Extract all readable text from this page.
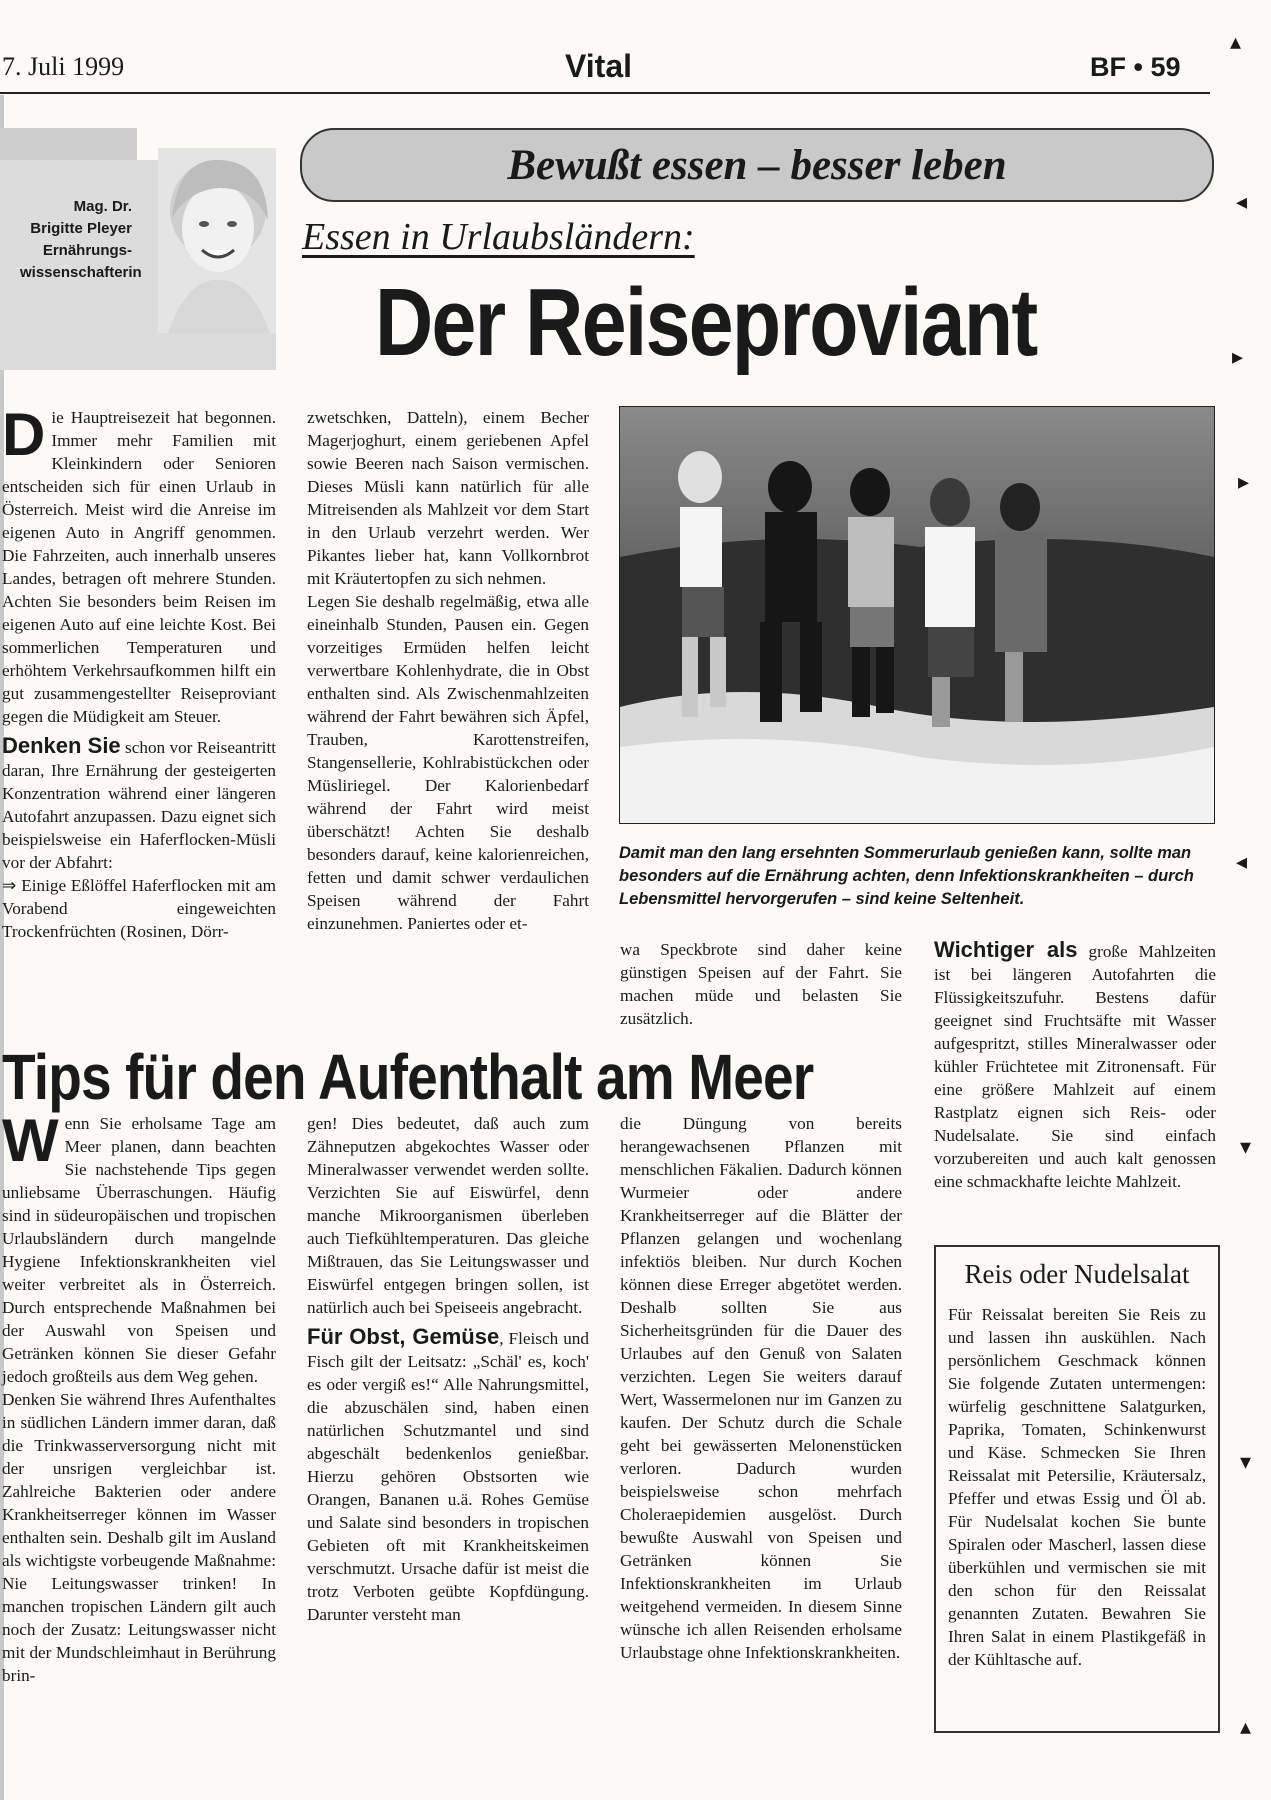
7. Juli 1999	Vital	BF • 59
Mag. Dr.
Brigitte Pleyer
Ernährungs-
wissenschafterin
Bewußt essen – besser leben
Essen in Urlaubsländern:
Der Reiseproviant
D ie Hauptreisezeit hat begonnen. Immer mehr Familien mit Kleinkindern oder Senioren entscheiden sich für einen Urlaub in Österreich. Meist wird die Anreise im eigenen Auto in Angriff genommen. Die Fahrzeiten, auch innerhalb unseres Landes, betragen oft mehrere Stunden. Achten Sie besonders beim Reisen im eigenen Auto auf eine leichte Kost. Bei sommerlichen Temperaturen und erhöhtem Verkehrsaufkommen hilft ein gut zusammengestellter Reiseproviant gegen die Müdigkeit am Steuer.

Denken Sie schon vor Reiseantritt daran, Ihre Ernährung der gesteigerten Konzentration während einer längeren Autofahrt anzupassen. Dazu eignet sich beispielsweise ein Haferflocken-Müsli vor der Abfahrt:

⇒ Einige Eßlöffel Haferflocken mit am Vorabend eingeweichten Trockenfrüchten (Rosinen, Dörr-

zwetschken, Datteln), einem Becher Magerjoghurt, einem geriebenen Apfel sowie Beeren nach Saison vermischen. Dieses Müsli kann natürlich für alle Mitreisenden als Mahlzeit vor dem Start in den Urlaub verzehrt werden. Wer Pikantes lieber hat, kann Vollkornbrot mit Kräutertopfen zu sich nehmen.

Legen Sie deshalb regelmäßig, etwa alle eineinhalb Stunden, Pausen ein. Gegen vorzeitiges Ermüden helfen leicht verwertbare Kohlenhydrate, die in Obst enthalten sind. Als Zwischenmahlzeiten während der Fahrt bewähren sich Äpfel, Trauben, Karottenstreifen, Stangensellerie, Kohlrabistückchen oder Müsliriegel. Der Kalorienbedarf während der Fahrt wird meist überschätzt! Achten Sie deshalb besonders darauf, keine kalorienreichen, fetten und damit schwer verdaulichen Speisen während der Fahrt einzunehmen. Paniertes oder et-

Damit man den lang ersehnten Sommerurlaub genießen kann, sollte man besonders auf die Ernährung achten, denn Infektionskrankheiten – durch Lebensmittel hervorgerufen – sind keine Seltenheit.

wa Speckbrote sind daher keine günstigen Speisen auf der Fahrt. Sie machen müde und belasten Sie zusätzlich.

Wichtiger als große Mahlzeiten ist bei längeren Autofahrten die Flüssigkeitszufuhr. Bestens dafür geeignet sind Fruchtsäfte mit Wasser aufgespritzt, stilles Mineralwasser oder kühler Früchtetee mit Zitronensaft. Für eine größere Mahlzeit auf einem Rastplatz eignen sich Reis- oder Nudelsalate. Sie sind einfach vorzubereiten und auch kalt genossen eine schmackhafte leichte Mahlzeit.

Tips für den Aufenthalt am Meer
W enn Sie erholsame Tage am Meer planen, dann beachten Sie nachstehende Tips gegen unliebsame Überraschungen. Häufig sind in südeuropäischen und tropischen Urlaubsländern durch mangelnde Hygiene Infektionskrankheiten viel weiter verbreitet als in Österreich. Durch entsprechende Maßnahmen bei der Auswahl von Speisen und Getränken können Sie dieser Gefahr jedoch großteils aus dem Weg gehen.

Denken Sie während Ihres Aufenthaltes in südlichen Ländern immer daran, daß die Trinkwasserversorgung nicht mit der unsrigen vergleichbar ist. Zahlreiche Bakterien oder andere Krankheitserreger können im Wasser enthalten sein. Deshalb gilt im Ausland als wichtigste vorbeugende Maßnahme: Nie Leitungswasser trinken! In manchen tropischen Ländern gilt auch noch der Zusatz: Leitungswasser nicht mit der Mundschleimhaut in Berührung brin-

gen! Dies bedeutet, daß auch zum Zähneputzen abgekochtes Wasser oder Mineralwasser verwendet werden sollte. Verzichten Sie auf Eiswürfel, denn manche Mikroorganismen überleben auch Tiefkühltemperaturen. Das gleiche Mißtrauen, das Sie Leitungswasser und Eiswürfel entgegen bringen sollen, ist natürlich auch bei Speiseeis angebracht.

Für Obst, Gemüse, Fleisch und Fisch gilt der Leitsatz: „Schäl' es, koch' es oder vergiß es!“ Alle Nahrungsmittel, die abzuschälen sind, haben einen natürlichen Schutzmantel und sind abgeschält bedenkenlos genießbar. Hierzu gehören Obstsorten wie Orangen, Bananen u.ä. Rohes Gemüse und Salate sind besonders in tropischen Gebieten oft mit Krankheitskeimen verschmutzt. Ursache dafür ist meist die trotz Verboten geübte Kopfdüngung. Darunter versteht man

die Düngung von bereits herangewachsenen Pflanzen mit menschlichen Fäkalien. Dadurch können Wurmeier oder andere Krankheitserreger auf die Blätter der Pflanzen gelangen und wochenlang infektiös bleiben. Nur durch Kochen können diese Erreger abgetötet werden. Deshalb sollten Sie aus Sicherheitsgründen für die Dauer des Urlaubes auf den Genuß von Salaten verzichten. Legen Sie weiters darauf Wert, Wassermelonen nur im Ganzen zu kaufen. Der Schutz durch die Schale geht bei gewässerten Melonenstücken verloren. Dadurch wurden beispielsweise schon mehrfach Choleraepidemien ausgelöst. Durch bewußte Auswahl von Speisen und Getränken können Sie Infektionskrankheiten im Urlaub weitgehend vermeiden. In diesem Sinne wünsche ich allen Reisenden erholsame Urlaubstage ohne Infektionskrankheiten.

Reis oder Nudelsalat
Für Reissalat bereiten Sie Reis zu und lassen ihn auskühlen. Nach persönlichem Geschmack können Sie folgende Zutaten untermengen: würfelig geschnittene Salatgurken, Paprika, Tomaten, Schinkenwurst und Käse. Schmecken Sie Ihren Reissalat mit Petersilie, Kräutersalz, Pfeffer und etwas Essig und Öl ab. Für Nudelsalat kochen Sie bunte Spiralen oder Mascherl, lassen diese überkühlen und vermischen sie mit den schon für den Reissalat genannten Zutaten. Bewahren Sie Ihren Salat in einem Plastikgefäß in der Kühltasche auf.
▴
◂
▸
▸
◂
▾
▾
▴
